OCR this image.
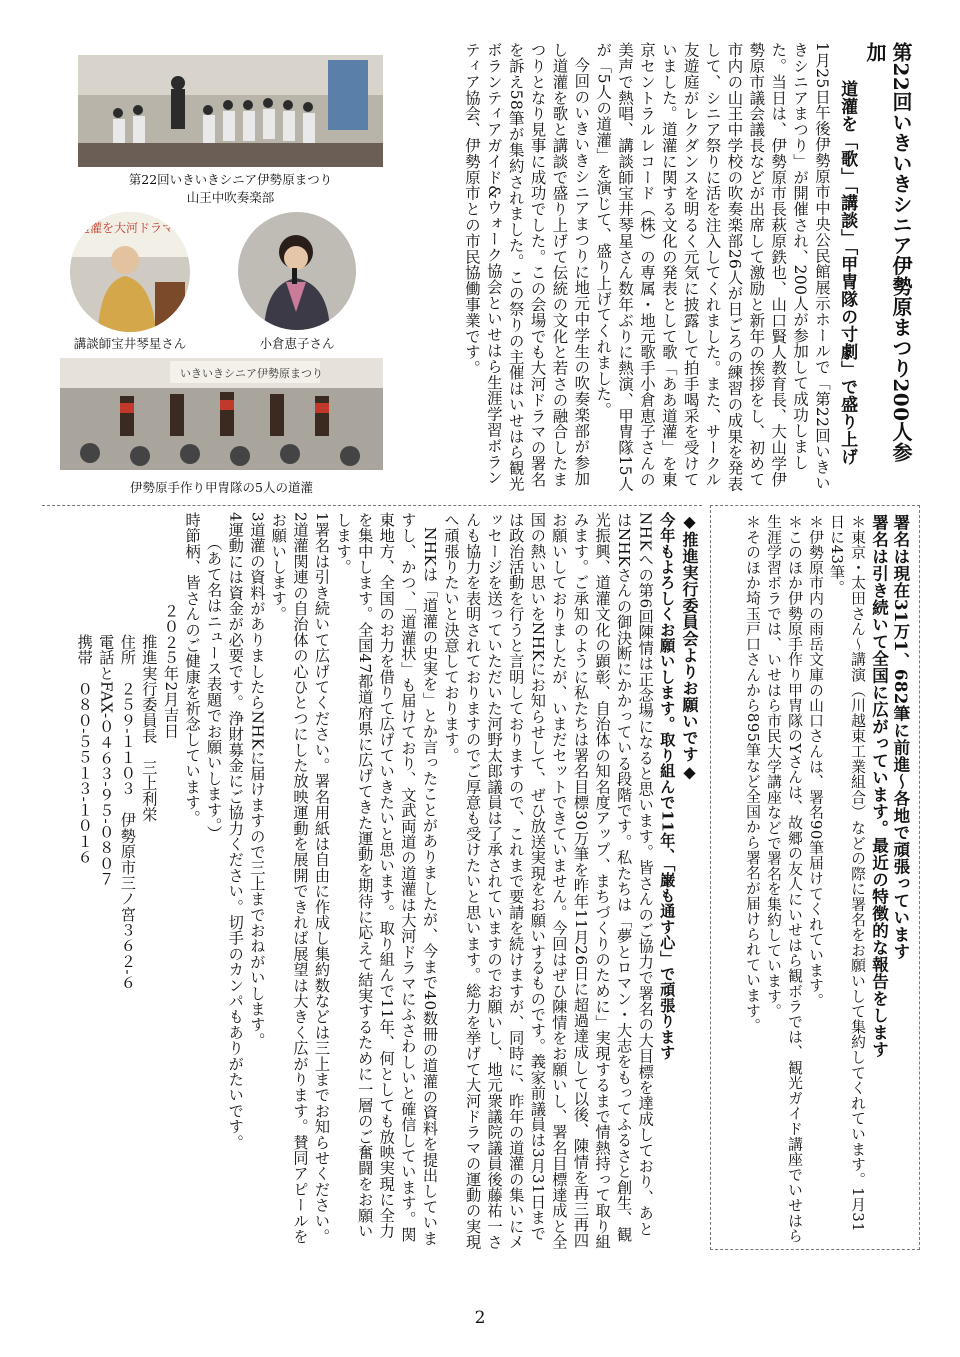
第22回いきいきシニア伊勢原まつり200人参加
道灌を「歌」「講談」「甲冑隊の寸劇」で盛り上げ

1月25日午後伊勢原市中央公民館展示ホールで「第22回いきいきシニアまつり」が開催され、200人が参加して成功しました。当日は、伊勢原市長萩原鉄也、山口賢人教育長、大山学伊勢原市議会議長などが出席して激励と新年の挨拶をし、初めて市内の山王中学校の吹奏楽部26人が日ごろの練習の成果を発表して、シニア祭りに活を注入してくれました。また、サークル友遊庭がレクダンスを明るく元気に披露して拍手喝采を受けていました。道灌に関する文化の発表として歌「ああ道灌」を東京セントラルレコード（株）の専属・地元歌手小倉恵子さんの美声で熱唱、講談師宝井琴星さん数年ぶりに熱演、甲冑隊15人が「5人の道灌」を演じて、盛り上げてくれました。

今回のいきいきシニアまつりに地元中学生の吹奏楽部が参加し道灌を歌と講談で盛り上げて伝統の文化と若さの融合したまつりとなり見事に成功でした。この会場でも大河ドラマの署名を訴え58筆が集約されました。この祭りの主催はいせはら観光ボランティアガイド&ウォーク協会といせはら生涯学習ボランティア協会、伊勢原市との市民協働事業です。

第22回いきいきシニア伊勢原まつり
山王中吹奏楽部
道灌を大河ドラマに
講談師宝井琴星さん	小倉恵子さん
いきいきシニア伊勢原まつり
伊勢原手作り甲冑隊の5人の道灌

署名は現在31万1、682筆に前進～各地で頑張っています

署名は引き続いて全国に広がっています。最近の特徴的な報告をします

＊東京・太田さん～講演（川越東工業組合）などの際に署名をお願いして集約してくれています。1月31日に43筆。

＊伊勢原市内の雨岳文庫の山口さんは、署名90筆届けてくれています。

＊このほか伊勢原手作り甲冑隊のYさんは、故郷の友人にいせはら観ボラでは、観光ガイド講座でいせはら生涯学習ボラでは、いせはら市民大学講座などで署名を集約しています。

＊そのほか埼玉戸口さんから895筆など全国から署名が届けられています。

◆推進実行委員会よりお願いです◆

今年もよろしくお願いします。取り組んで11年、「巌も通す心」で頑張ります

NHKへの第6回陳情は正念場になると思います。皆さんのご協力で署名の大目標を達成しており、あとはNHKさんの御決断にかかっている段階です。私たちは「夢とロマン・大志をもってふるさと創生、観光振興、道灌文化の顕彰、自治体の知名度アップ、まちづくりのために」実現するまで情熱持って取り組みます。ご承知のように私たちは署名目標30万筆を昨年11月26日に超過達成して以後、陳情を再三再四お願いしておりましたが、いまだセットできていません。今回はぜひ陳情をお願いし、署名目標達成と全国の熱い思いをNHKにお知らせして、ぜひ放送実現をお願いするものです。義家前議員は3月31日までは政治活動を行うと言明しておりますので、これまで要請を続けますが、同時に、昨年の道灌の集いにメッセージを送っていただいた河野太郎議員は了承されていますのでお願いし、地元衆議院議員後藤祐一さんも協力を表明されておりますのでご厚意も受けたいと思います。総力を挙げて大河ドラマの運動の実現へ頑張りたいと決意しております。

NHKは「道灌の史実を」とか言ったことがありましたが、今まで40数冊の道灌の資料を提出していますし、かつ、「道灌状」も届けており、文武両道の道灌は大河ドラマにふさわしいと確信しています。関東地方、全国のお力を借りて広げていきたいと思います。取り組んで11年、何としても放映実現に全力を集中します。全国47都道府県に広げてきた運動を期待に応えて結実するために一層のご奮闘をお願いします。

1署名は引き続いて広げてください。署名用紙は自由に作成し集約数などは三上までお知らせください。

2道灌関連の自治体の心ひとつにした放映運動を展開できれば展望は大きく広がります。賛同アピールをお願いします。

3道灌の資料がありましたらNHKに届けますので三上までおねがいします。

4運動には資金が必要です。浄財募金にご協力ください。切手のカンパもありがたいです。

（あて名はニュース表題でお願いします。）

時節柄、皆さんのご健康を祈念しています。

２０２５年2月吉日

推進実行委員長　三上利栄

住所　２５９-１１０３　伊勢原市三ノ宮３６２-６

電話とFAX-０４６３-９５-０８０７

携帯　０８０-５５１３-１０１６

2
